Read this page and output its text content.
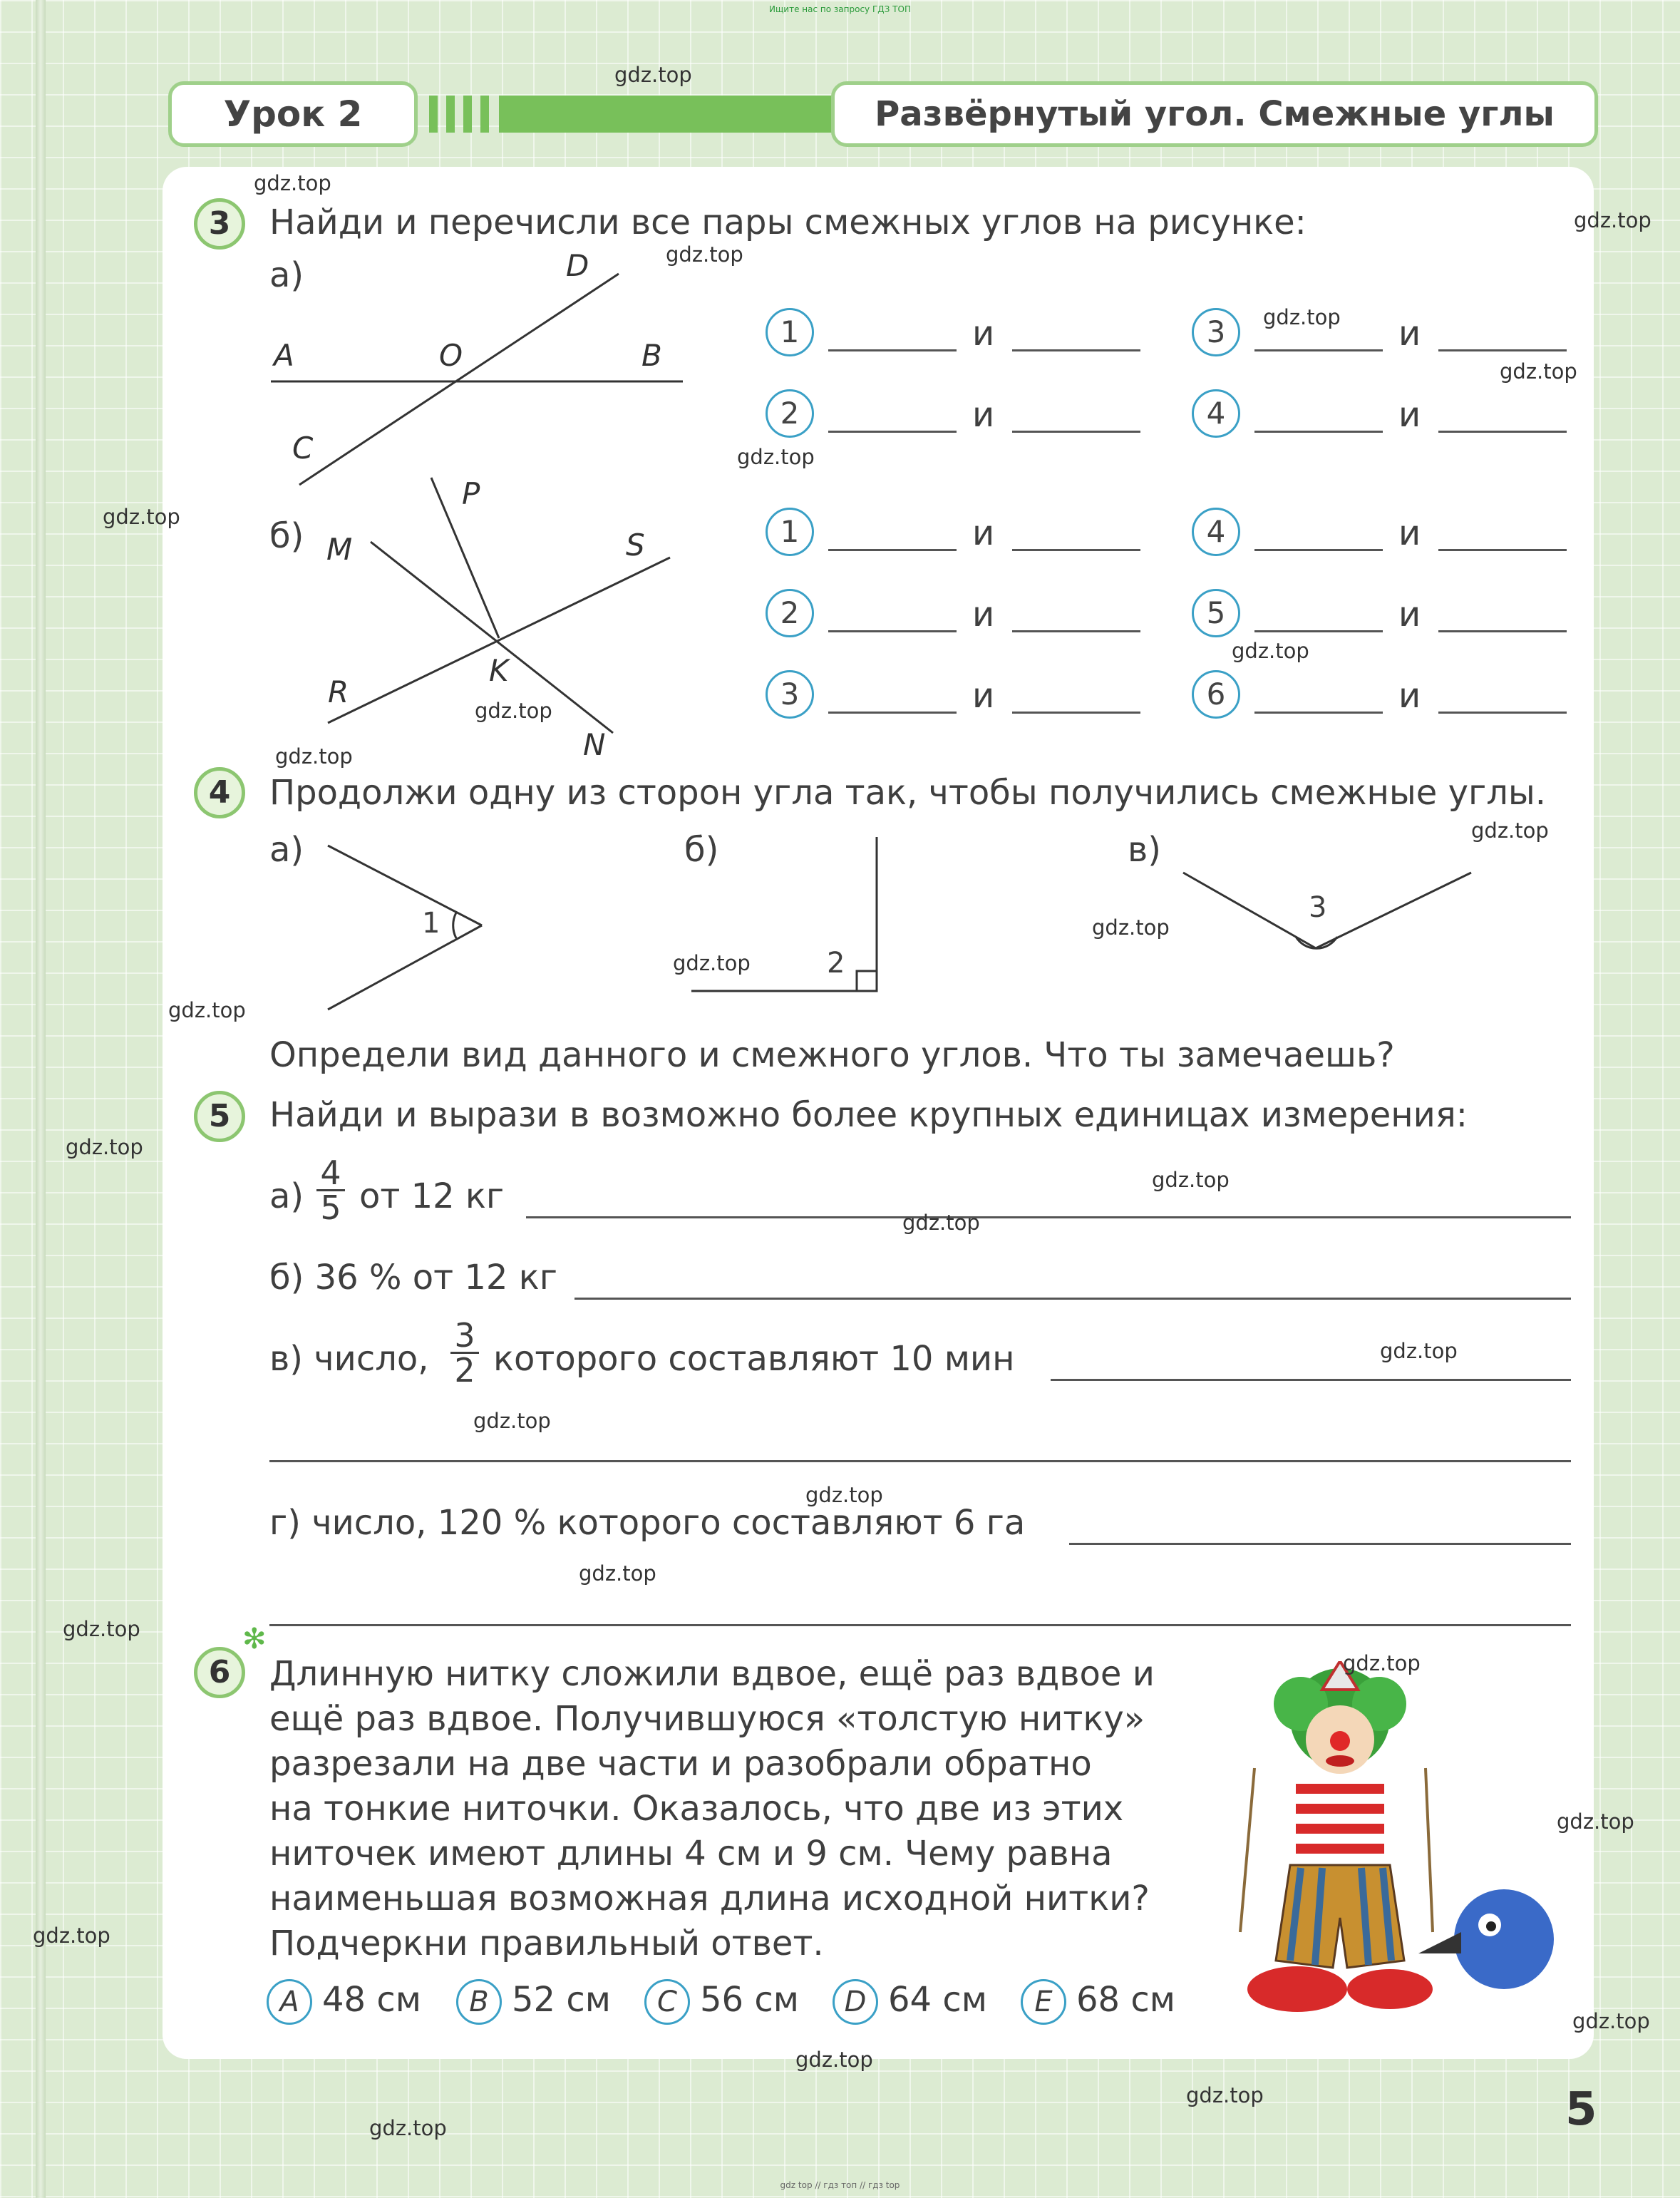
Ищите нас по запросу ГДЗ ТОП
Урок 2	Развёрнутый угол. Смежные углы
3	Найди и перечисли все пары смежных углов на рисунке:
а)
A	O	B
C
D
1	и	3	и
2	и	4	и
б)
P
M	S
K
R
N
1	и	4	и
2	и	5	и
3	и	6	и
4	Продолжи одну из сторон угла так, чтобы получились смежные углы.
а)	б)	в)
1
2
3
Определи вид данного и смежного углов. Что ты замечаешь?
5	Найди и вырази в возможно более крупных единицах измерения:
$а) \frac{4}{5}$ от 12 кг
б) 36 % от 12 кг
в) число, $\frac{3}{2}$ которого составляют 10 мин
г) число, 120 % которого составляют 6 га
✻
6	Длинную нитку сложили вдвое, ещё раз вдвое и
ещё раз вдвое. Получившуюся «толстую нитку»
разрезали на две части и разобрали обратно
на тонкие ниточки. Оказалось, что две из этих
ниточек имеют длины 4 см и 9 см. Чему равна
наименьшая возможная длина исходной нитки?
Подчеркни правильный ответ.
A 48 см	B 52 см	C 56 см	D 64 см	E 68 см
5
gdz.top
gdz.top
gdz.top
gdz.top
gdz.top
gdz.top
gdz.top
gdz.top
gdz.top
gdz.top
gdz.top
gdz.top
gdz.top
gdz.top
gdz.top
gdz.top
gdz.top
gdz.top
gdz.top
gdz.top
gdz.top
gdz.top
gdz.top
gdz.top
gdz.top
gdz.top
gdz.top
gdz.top
gdz.top
gdz.top
gdz top // гдз топ // гдз top
